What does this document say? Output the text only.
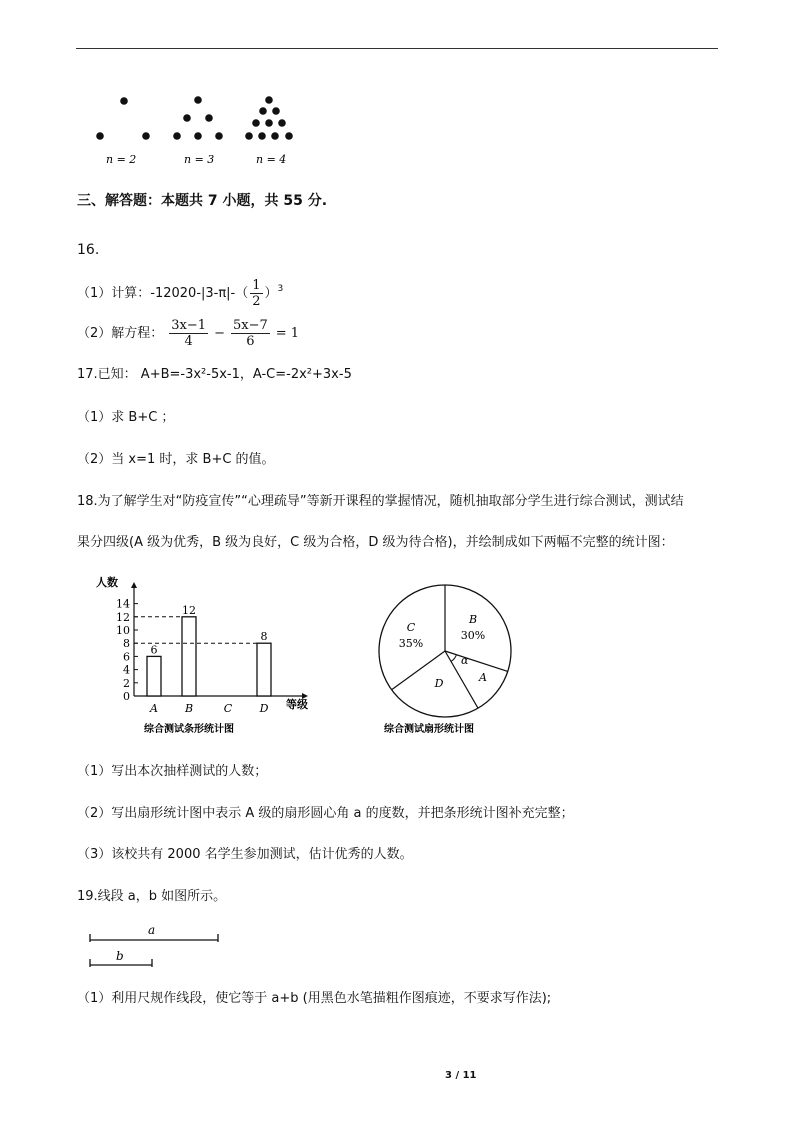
n = 2	n = 3	n = 4
三、解答题：本题共 7 小题，共 55 分.
16.
（1）计算：$-12020-|3-\pi|-( \frac{1}{2}$ ） 3
（2）解方程： $\frac{3x-1}{4} - \frac{5x-7}{6} = 1$
17.已知： A+B=-3x²-5x-1，A-C=-2x²+3x-5
（1）求 B+C ；
（2）当 x=1 时，求 B+C 的值。
18.为了解学生对“防疫宣传”“心理疏导”等新开课程的掌握情况，随机抽取部分学生进行综合测试，测试结
果分四级(A 级为优秀，B 级为良好，C 级为合格，D 级为待合格)，并绘制成如下两幅不完整的统计图：
人数
等级
综合测试条形统计图
0
2
4
6
8
10
12
14
A
6
B
12
C D
8
综合测试扇形统计图
α
B
30%
A
D
C
35%
（1）写出本次抽样测试的人数；
（2）写出扇形统计图中表示 A 级的扇形圆心角 a 的度数，并把条形统计图补充完整；
（3）该校共有 2000 名学生参加测试，估计优秀的人数。
19.线段 a，b 如图所示。
a
b
（1）利用尺规作线段，使它等于 a+b (用黑色水笔描粗作图痕迹，不要求写作法);
3 / 11
